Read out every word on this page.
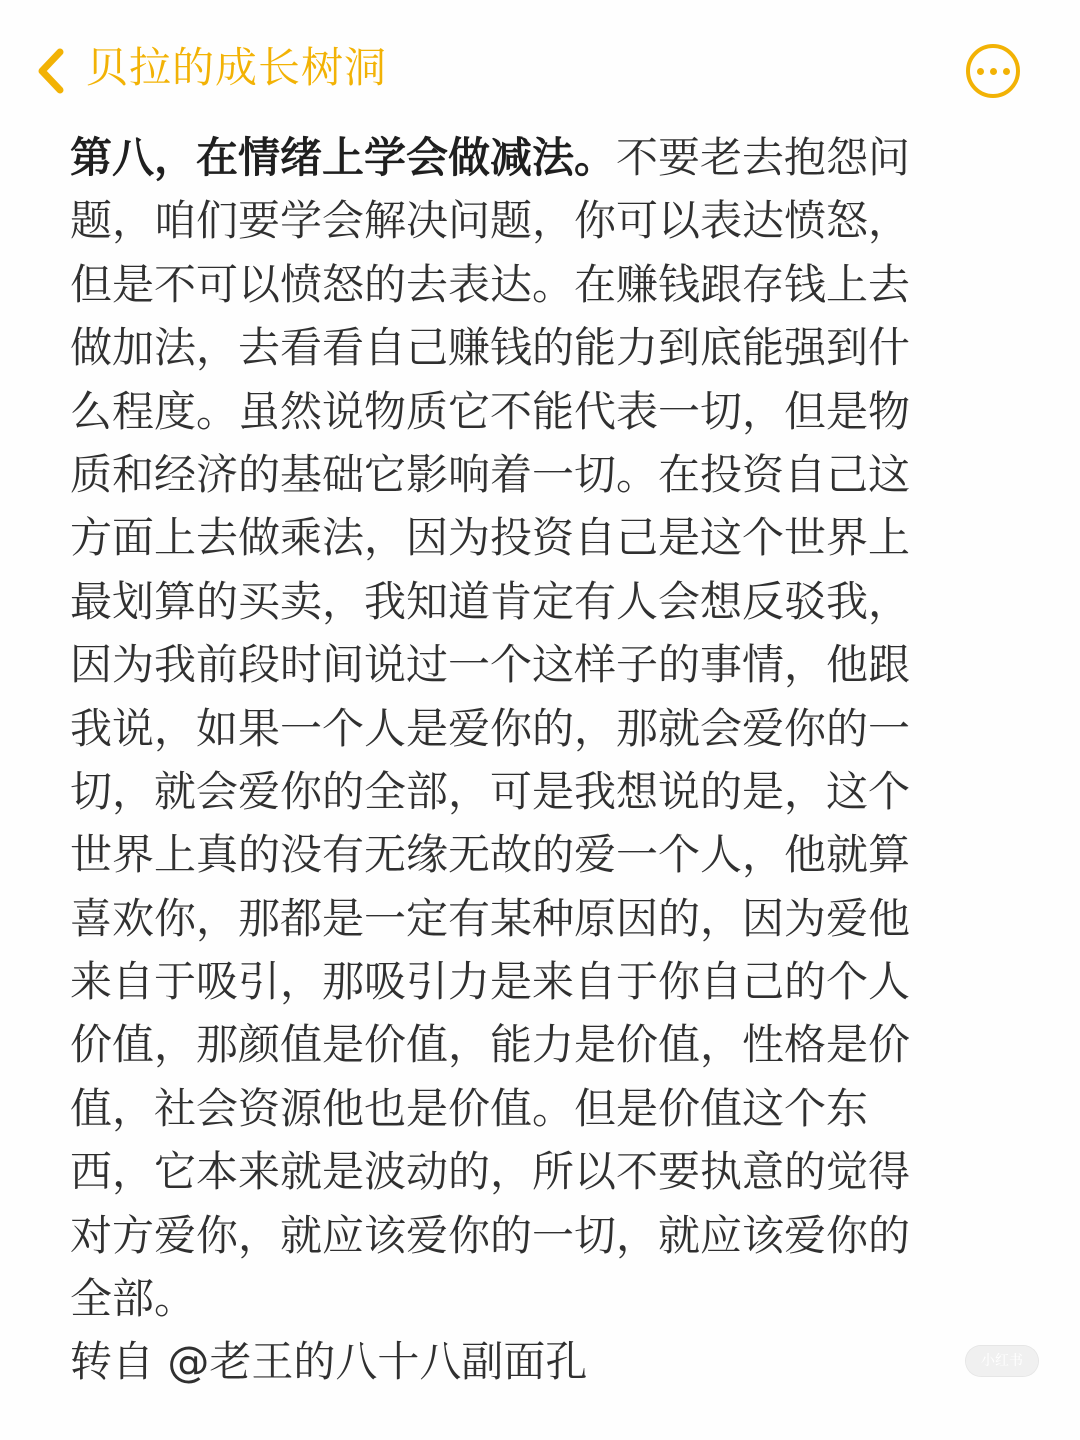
贝拉的成长树洞

第八，在情绪上学会做减法。不要老去抱怨问

题，咱们要学会解决问题，你可以表达愤怒，

但是不可以愤怒的去表达。在赚钱跟存钱上去

做加法，去看看自己赚钱的能力到底能强到什

么程度。虽然说物质它不能代表一切，但是物

质和经济的基础它影响着一切。在投资自己这

方面上去做乘法，因为投资自己是这个世界上

最划算的买卖，我知道肯定有人会想反驳我，

因为我前段时间说过一个这样子的事情，他跟

我说，如果一个人是爱你的，那就会爱你的一

切，就会爱你的全部，可是我想说的是，这个

世界上真的没有无缘无故的爱一个人，他就算

喜欢你，那都是一定有某种原因的，因为爱他

来自于吸引，那吸引力是来自于你自己的个人

价值，那颜值是价值，能力是价值，性格是价

值，社会资源他也是价值。但是价值这个东

西，它本来就是波动的，所以不要执意的觉得

对方爱你，就应该爱你的一切，就应该爱你的

全部。

转自 @老王的八十八副面孔	小红书
